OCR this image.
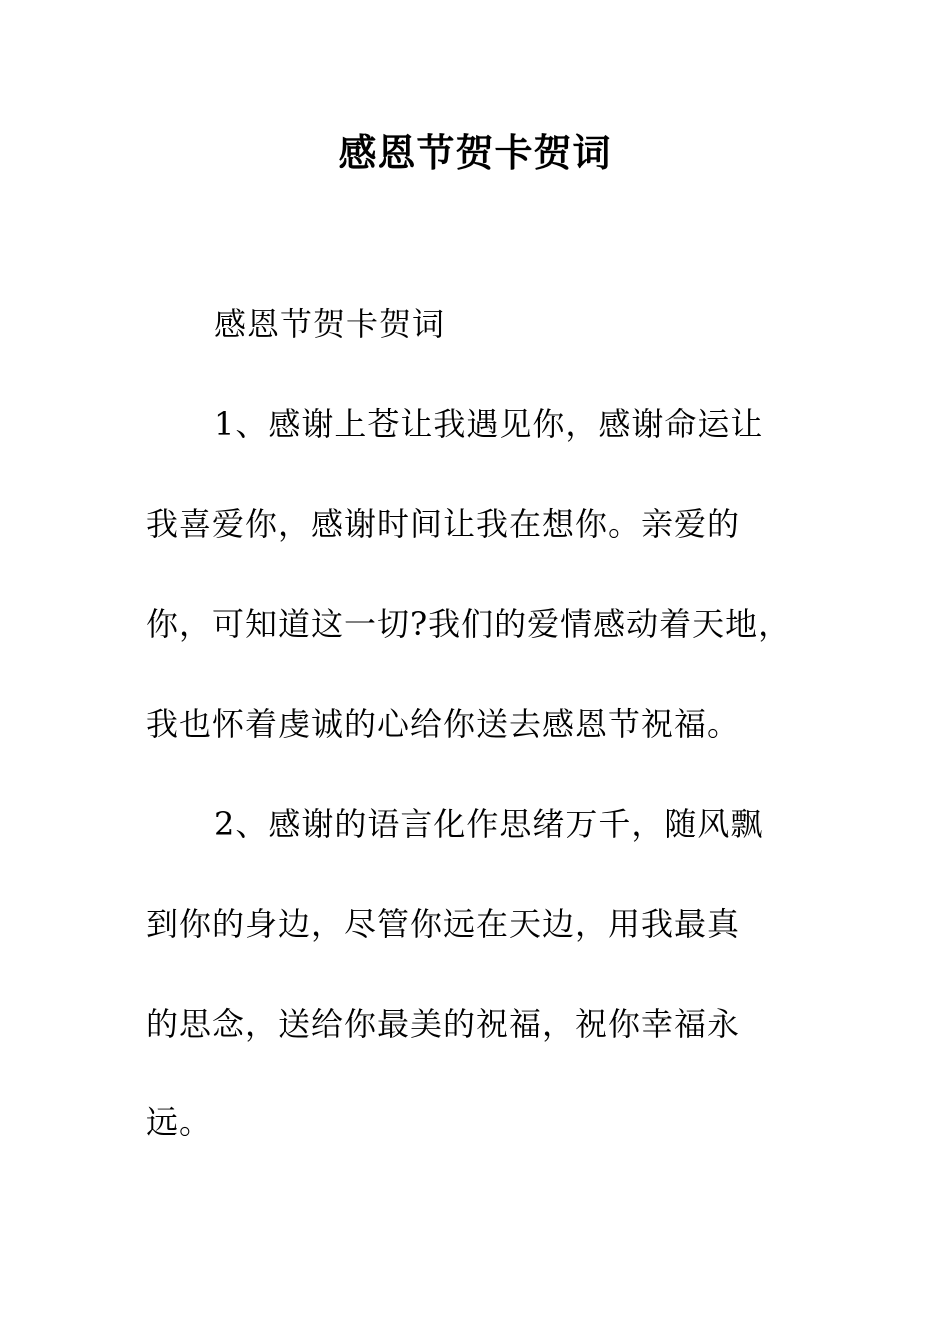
感恩节贺卡贺词

感恩节贺卡贺词

1、感谢上苍让我遇见你，感谢命运让

我喜爱你，感谢时间让我在想你。亲爱的

你，可知道这一切?我们的爱情感动着天地，

我也怀着虔诚的心给你送去感恩节祝福。

2、感谢的语言化作思绪万千，随风飘

到你的身边，尽管你远在天边，用我最真

的思念，送给你最美的祝福，祝你幸福永

远。
